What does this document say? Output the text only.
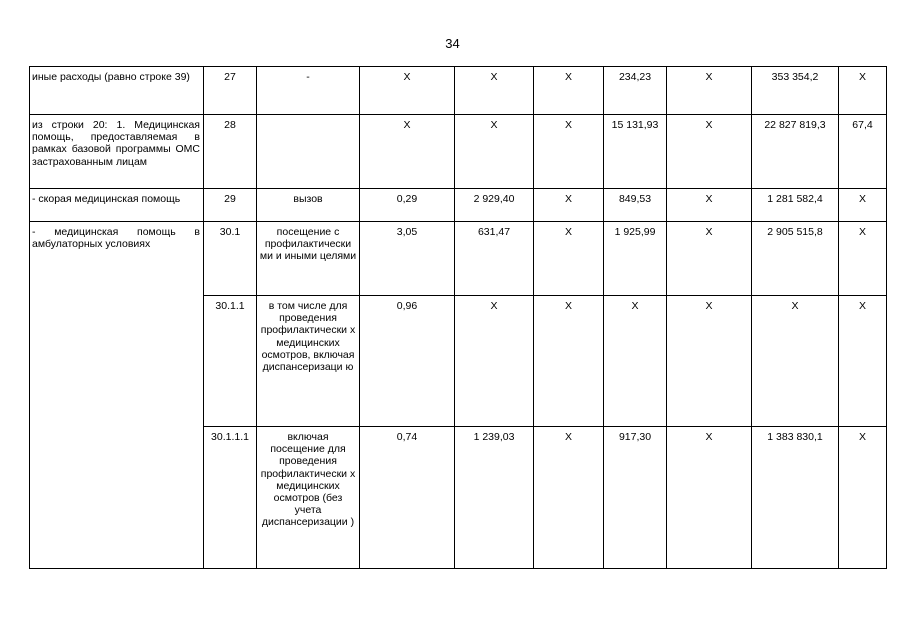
34
иные расходы (равно строке 39)	27	-	X	X	X	234,23	X	353 354,2	X
из строки 20: 1. Медицинская помощь, предоставляемая в рамках базовой программы ОМС застрахованным лицам	28		X	X	X	15 131,93	X	22 827 819,3	67,4
- скорая медицинская помощь	29	вызов	0,29	2 929,40	X	849,53	X	1 281 582,4	X
- медицинская помощь в амбулаторных условиях	30.1	посещение с профилактически ми и иными целями	3,05	631,47	X	1 925,99	X	2 905 515,8	X
	30.1.1	в том числе для проведения профилактически х медицинских осмотров, включая диспансеризаци ю	0,96	X	X	X	X	X	X
	30.1.1.1	включая посещение для проведения профилактически х медицинских осмотров (без учета диспансеризации )	0,74	1 239,03	X	917,30	X	1 383 830,1	X
